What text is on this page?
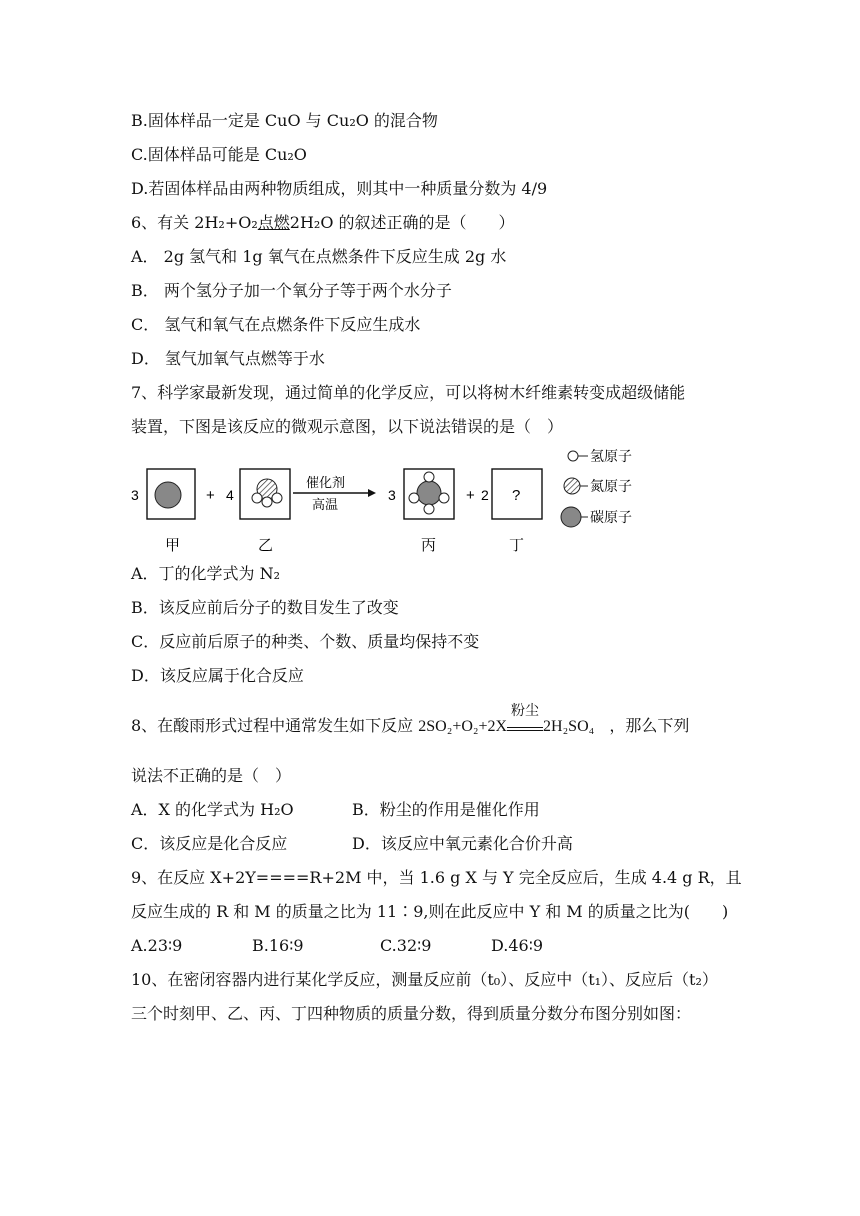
B.固体样品一定是 CuO 与 Cu₂O 的混合物
C.固体样品可能是 Cu₂O
D.若固体样品由两种物质组成，则其中一种质量分数为 4/9
6、有关 2H₂+O₂点燃2H₂O 的叙述正确的是（　　）
A． 2g 氢气和 1g 氧气在点燃条件下反应生成 2g 水
B． 两个氢分子加一个氧分子等于两个水分子
C． 氢气和氧气在点燃条件下反应生成水
D． 氢气加氧气点燃等于水
7、科学家最新发现，通过简单的化学反应，可以将树木纤维素转变成超级储能
装置，下图是该反应的微观示意图，以下说法错误的是（　）
3
甲
+ 4
乙
催化剂
高温
3
丙
+ 2 ?
丁
氢原子
氮原子
碳原子
A．丁的化学式为 N₂
B．该反应前后分子的数目发生了改变
C．反应前后原子的种类、个数、质量均保持不变
D．该反应属于化合反应
8、在酸雨形式过程中通常发生如下反应 2SO₂+O₂+2X
粉尘
2H₂SO₄ ，那么下列
说法不正确的是（　）
A．X 的化学式为 H₂O	B．粉尘的作用是催化作用
C．该反应是化合反应	D．该反应中氧元素化合价升高
9、在反应 X+2Y====R+2M 中，当 1.6 g X 与 Y 完全反应后，生成 4.4 g R，且
反应生成的 R 和 M 的质量之比为 11∶9,则在此反应中 Y 和 M 的质量之比为(　　)
A.23∶9	B.16∶9	C.32∶9	D.46∶9
10、在密闭容器内进行某化学反应，测量反应前（t₀）、反应中（t₁）、反应后（t₂）
三个时刻甲、乙、丙、丁四种物质的质量分数，得到质量分数分布图分别如图：
